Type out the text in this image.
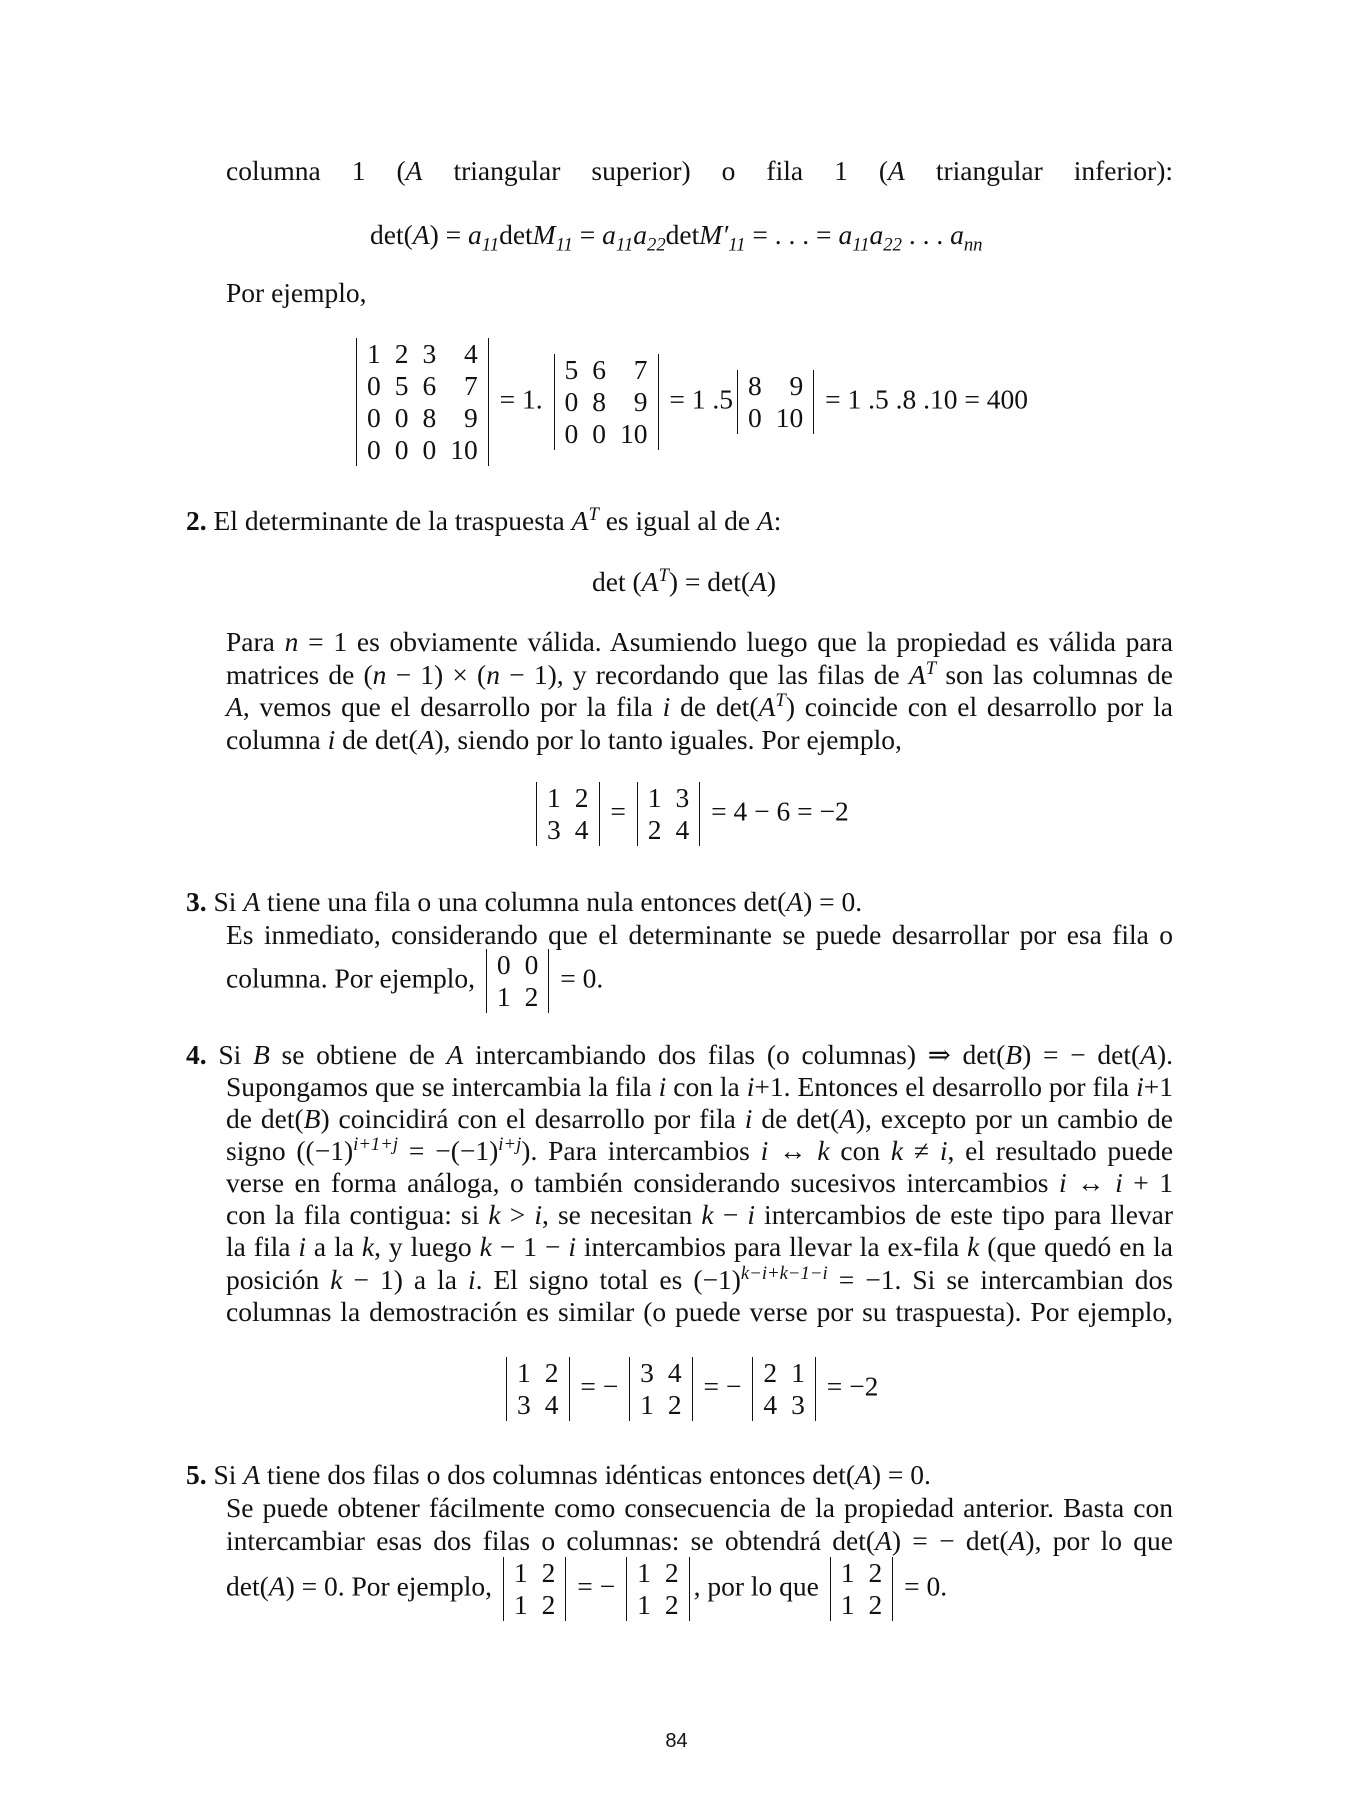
columna 1 (A triangular superior) o fila 1 (A triangular inferior):
$\det(A) = a_{11}\det M_{11} = a_{11}a_{22}\det M'_{11}$ = . . . = $a_{11}a_{22}$ . . . $a_{nn}$
Por ejemplo,
1	2	3	4
0	5	6	7
0	0	8	9
0	0	0	10
= 1.
5	6	7
0	8	9
0	0	10
= 1 .5 8	9
0	10
= 1 .5 .8 .10 = 400
2. El determinante de la traspuesta $A^T$ es igual al de A:
$\det (A^T) = \det(A)$
Para n = 1 es obviamente válida. Asumiendo luego que la propiedad es válida para
matrices de (n − 1) × (n − 1), y recordando que las filas de $A^T$ son las columnas de
A, vemos que el desarrollo por la fila i de $\det(A^T)$ coincide con el desarrollo por la
columna i de det(A), siendo por lo tanto iguales. Por ejemplo,
1	2
3	4
= 1	3
2	4
= 4 − 6 = −2
3. Si A tiene una fila o una columna nula entonces det(A) = 0.
Es inmediato, considerando que el determinante se puede desarrollar por esa fila o
columna. Por ejemplo, 0	0
1	2
= 0.
4. Si B se obtiene de A intercambiando dos filas (o columnas) ⇒ det(B) = − det(A).
Supongamos que se intercambia la fila i con la i+1. Entonces el desarrollo por fila i+1
de det(B) coincidirá con el desarrollo por fila i de det(A), excepto por un cambio de
signo $((-1)^{i+1+j} = -(-1)^{i+j})$. Para intercambios i ↔ k con k ≠ i, el resultado puede
verse en forma análoga, o también considerando sucesivos intercambios i ↔ i + 1
con la fila contigua: si k > i, se necesitan k − i intercambios de este tipo para llevar
la fila i a la k, y luego k − 1 − i intercambios para llevar la ex-fila k (que quedó en la
posición k − 1) a la i. El signo total es $(-1)^{k-i+k-1-i} = -1$. Si se intercambian dos
columnas la demostración es similar (o puede verse por su traspuesta). Por ejemplo,
1	2
3	4
= − 3	4
1	2
= − 2	1
4	3
= −2
5. Si A tiene dos filas o dos columnas idénticas entonces det(A) = 0.
Se puede obtener fácilmente como consecuencia de la propiedad anterior. Basta con
intercambiar esas dos filas o columnas: se obtendrá det(A) = − det(A), por lo que
det(A) = 0. Por ejemplo, 1	2
1	2
= − 1	2
1	2
, por lo que 1	2
1	2
= 0.
84
